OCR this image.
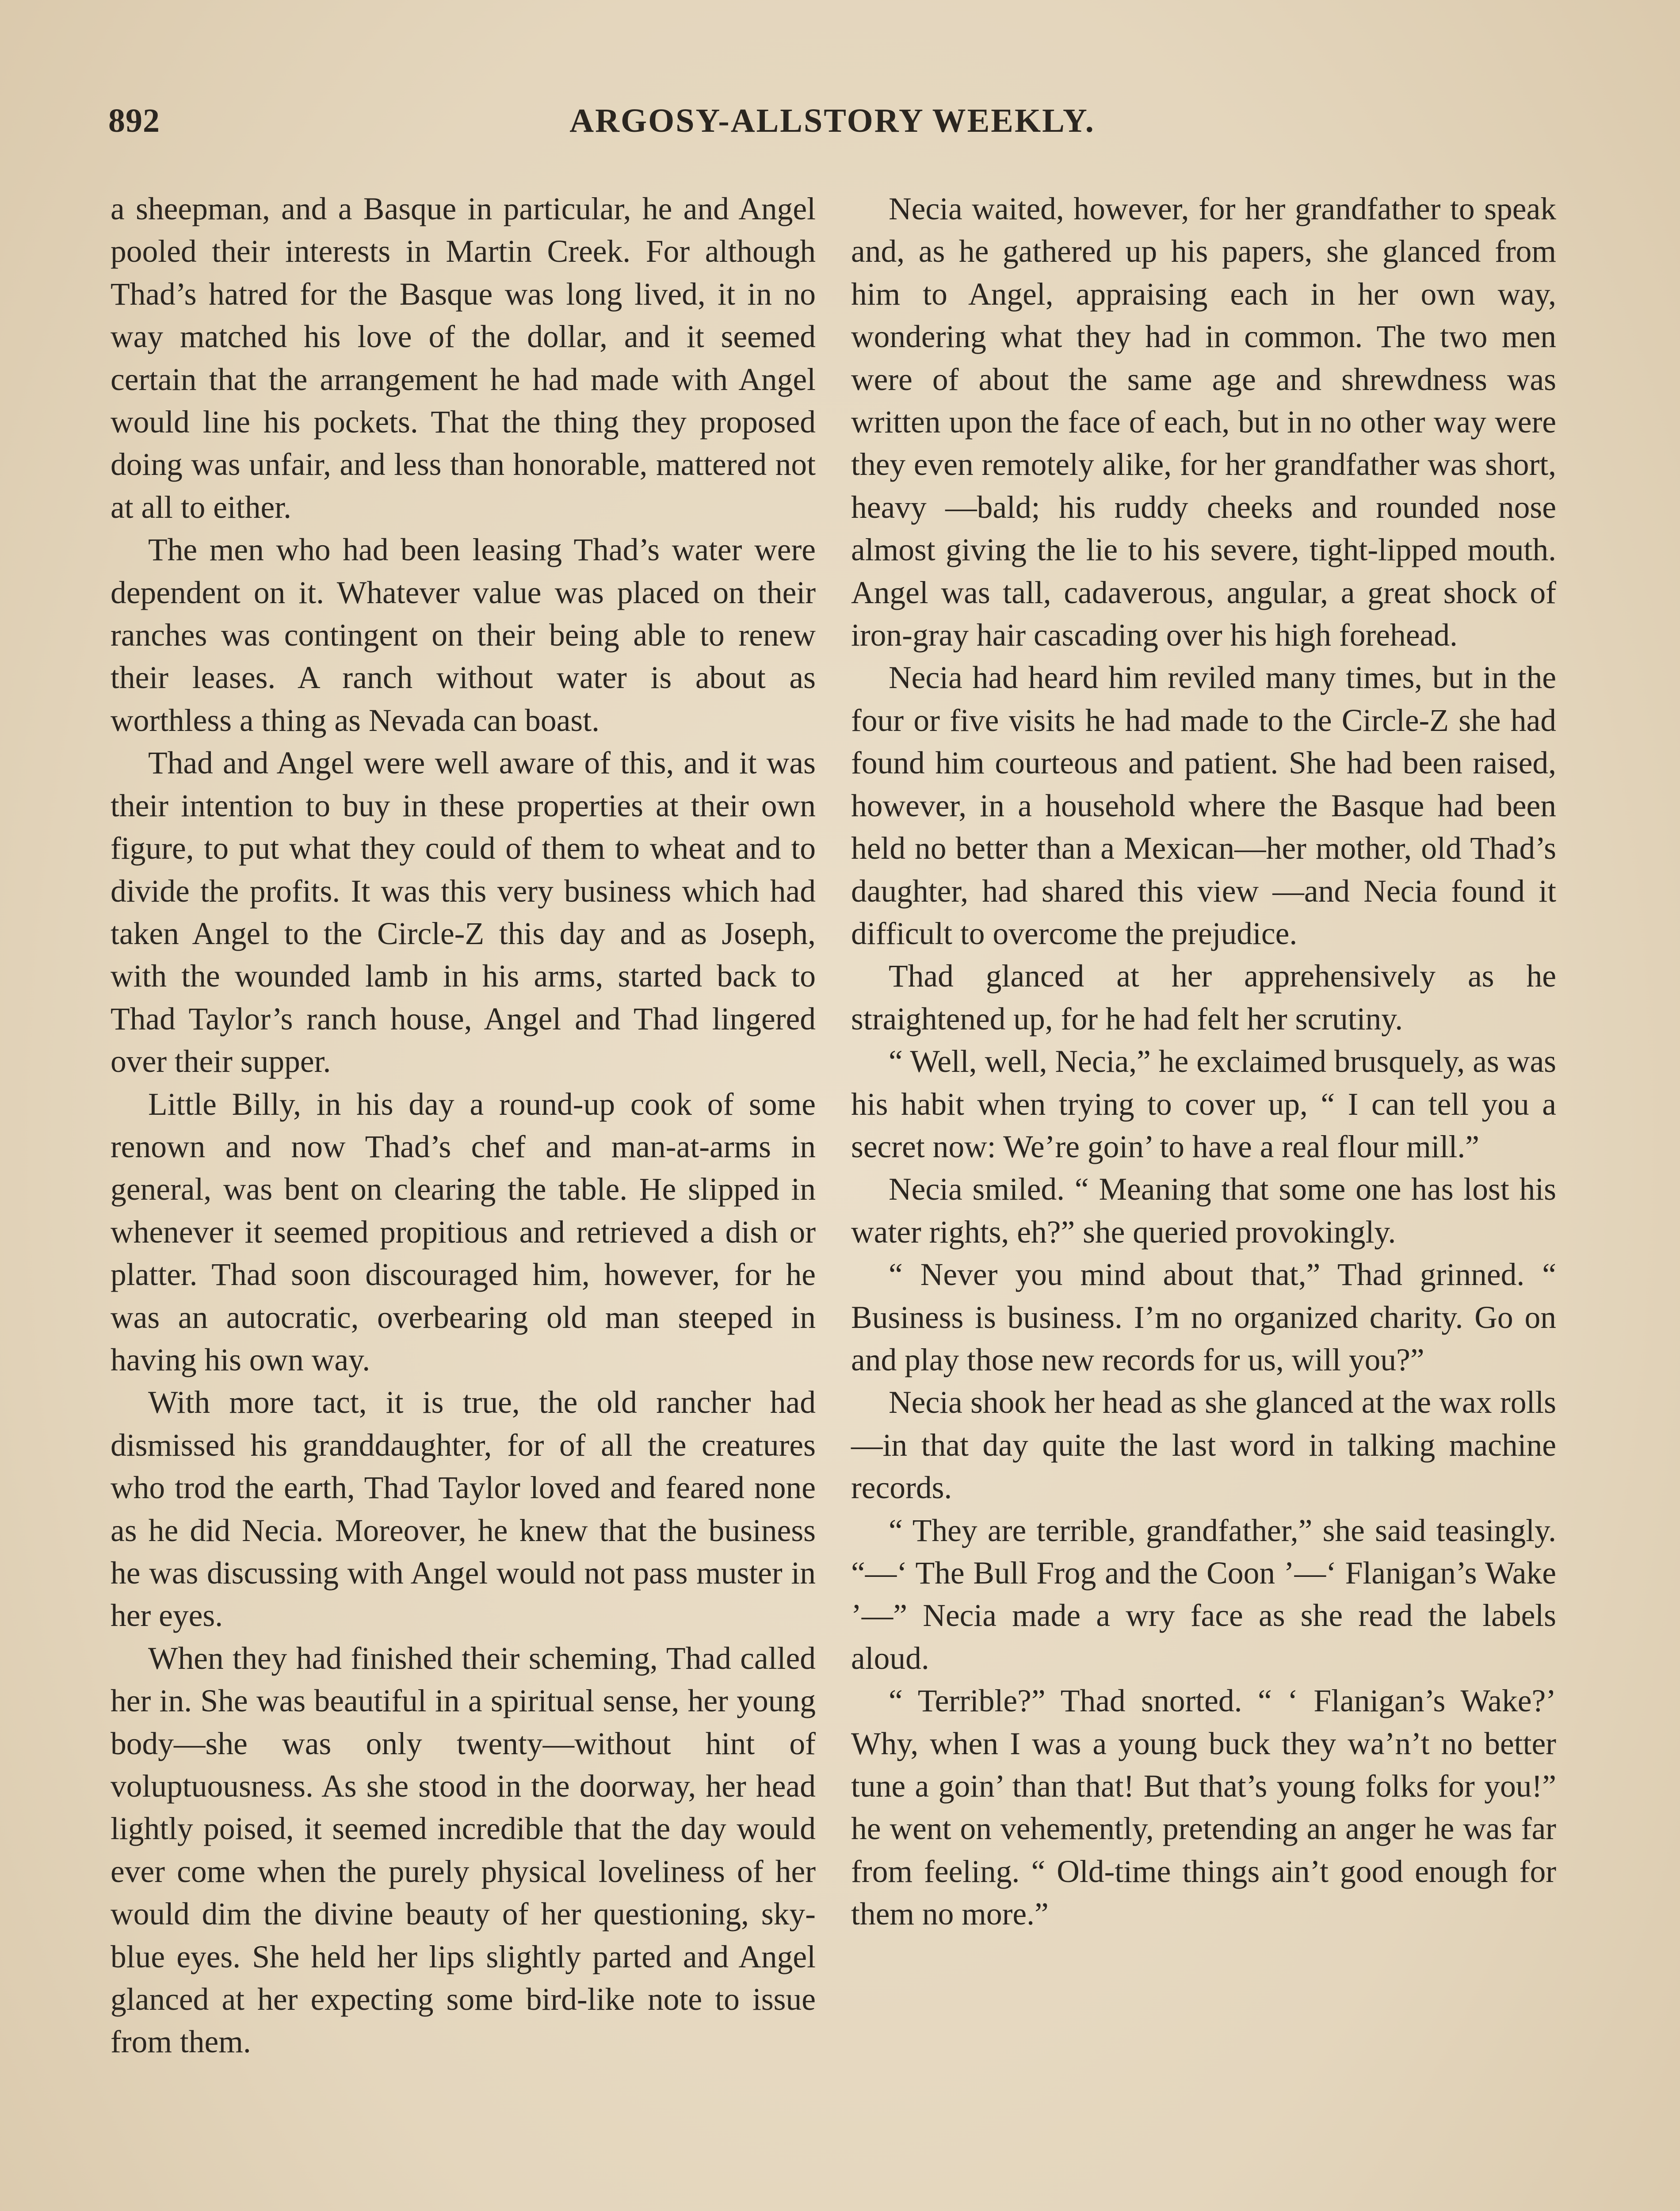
892	ARGOSY-ALLSTORY WEEKLY.

a sheepman, and a Basque in particular, he and Angel pooled their interests in Martin Creek. For although Thad’s hatred for the Basque was long lived, it in no way matched his love of the dollar, and it seemed certain that the arrangement he had made with Angel would line his pockets. That the thing they proposed doing was unfair, and less than honorable, mattered not at all to either.

The men who had been leasing Thad’s water were dependent on it. Whatever value was placed on their ranches was contingent on their being able to renew their leases. A ranch without water is about as worthless a thing as Nevada can boast.

Thad and Angel were well aware of this, and it was their intention to buy in these properties at their own figure, to put what they could of them to wheat and to divide the profits. It was this very business which had taken Angel to the Circle-Z this day and as Joseph, with the wounded lamb in his arms, started back to Thad Taylor’s ranch house, Angel and Thad lingered over their supper.

Little Billy, in his day a round-up cook of some renown and now Thad’s chef and man-at-arms in general, was bent on clearing the table. He slipped in whenever it seemed propitious and retrieved a dish or platter. Thad soon discouraged him, however, for he was an autocratic, overbearing old man steeped in having his own way.

With more tact, it is true, the old rancher had dismissed his granddaughter, for of all the creatures who trod the earth, Thad Taylor loved and feared none as he did Necia. Moreover, he knew that the business he was discussing with Angel would not pass muster in her eyes.

When they had finished their scheming, Thad called her in. She was beautiful in a spiritual sense, her young body—she was only twenty—without hint of voluptuousness. As she stood in the doorway, her head lightly poised, it seemed incredible that the day would ever come when the purely physical loveliness of her would dim the divine beauty of her questioning, sky-blue eyes. She held her lips slightly parted and Angel glanced at her expecting some bird-like note to issue from them.

Necia waited, however, for her grandfather to speak and, as he gathered up his papers, she glanced from him to Angel, appraising each in her own way, wondering what they had in common. The two men were of about the same age and shrewdness was written upon the face of each, but in no other way were they even remotely alike, for her grandfather was short, heavy —bald; his ruddy cheeks and rounded nose almost giving the lie to his severe, tight-lipped mouth. Angel was tall, cadaverous, angular, a great shock of iron-gray hair cascading over his high forehead.

Necia had heard him reviled many times, but in the four or five visits he had made to the Circle-Z she had found him courteous and patient. She had been raised, however, in a household where the Basque had been held no better than a Mexican—her mother, old Thad’s daughter, had shared this view —and Necia found it difficult to overcome the prejudice.

Thad glanced at her apprehensively as he straightened up, for he had felt her scrutiny.

“ Well, well, Necia,” he exclaimed brusquely, as was his habit when trying to cover up, “ I can tell you a secret now: We’re goin’ to have a real flour mill.”

Necia smiled. “ Meaning that some one has lost his water rights, eh?” she queried provokingly.

“ Never you mind about that,” Thad grinned. “ Business is business. I’m no organized charity. Go on and play those new records for us, will you?”

Necia shook her head as she glanced at the wax rolls—in that day quite the last word in talking machine records.

“ They are terrible, grandfather,” she said teasingly. “—‘ The Bull Frog and the Coon ’—‘ Flanigan’s Wake ’—” Necia made a wry face as she read the labels aloud.

“ Terrible?” Thad snorted. “ ‘ Flanigan’s Wake?’ Why, when I was a young buck they wa’n’t no better tune a goin’ than that! But that’s young folks for you!” he went on vehemently, pretending an anger he was far from feeling. “ Old-time things ain’t good enough for them no more.”
